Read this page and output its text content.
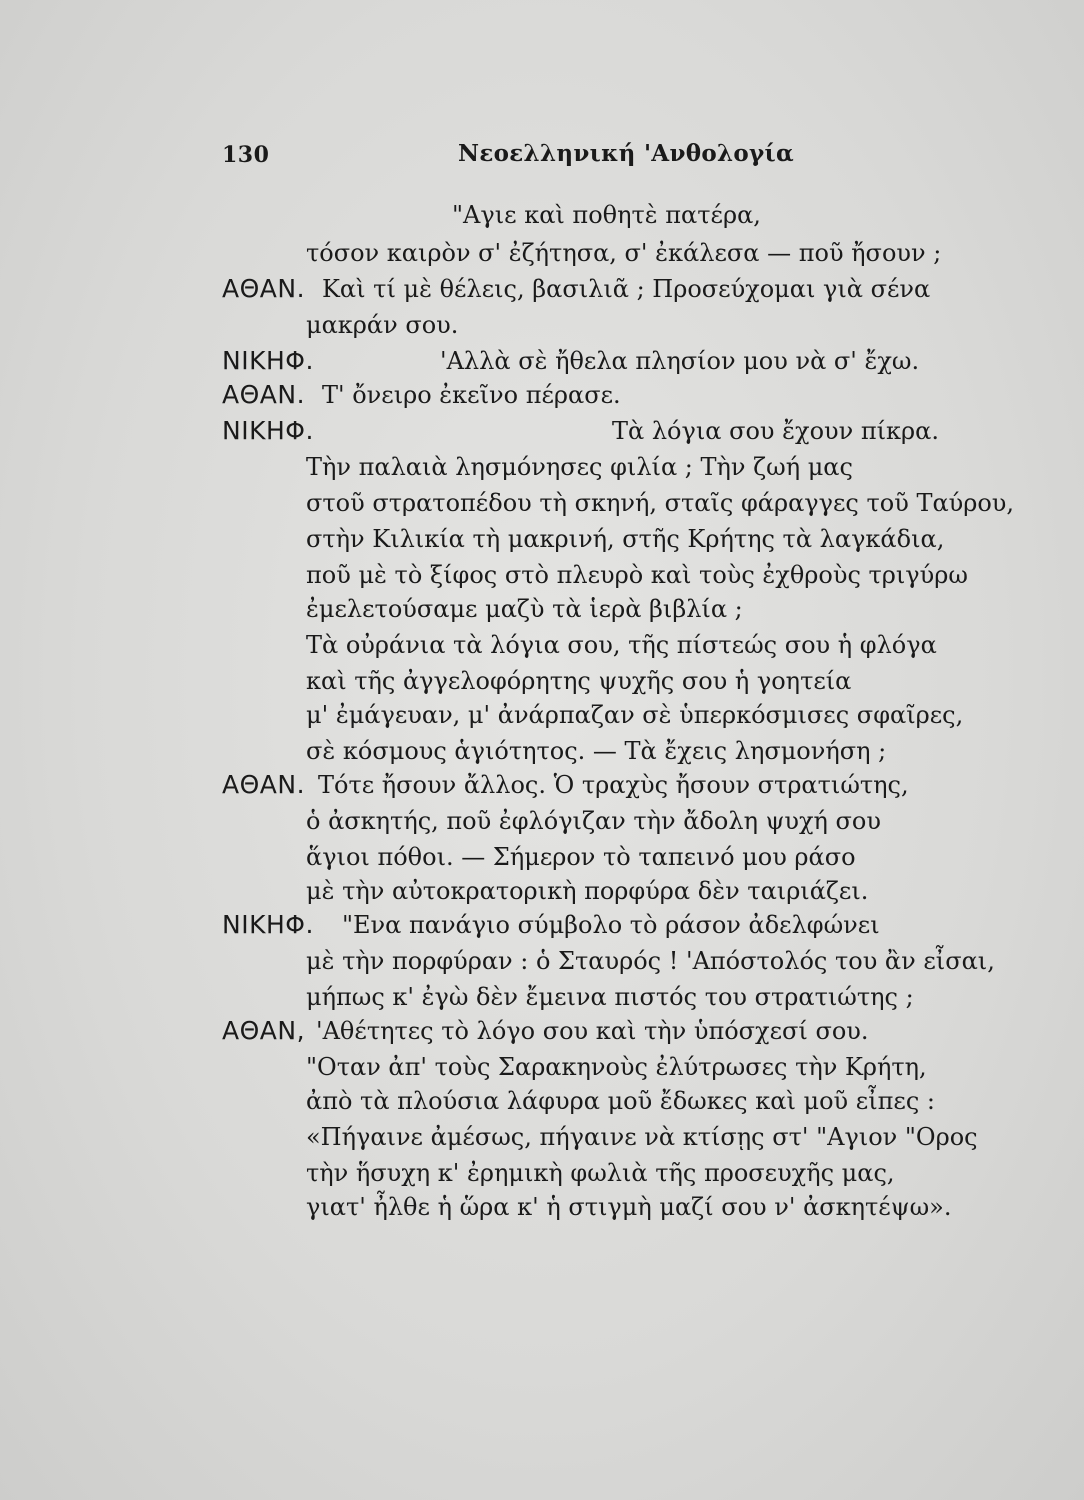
130	Νεοελληνική 'Ανθολογία
"Αγιε καὶ ποθητὲ πατέρα,
τόσον καιρὸν σ' ἐζήτησα, σ' ἐκάλεσα — ποῦ ἤσουν ;
ΑΘΑΝ. Καὶ τί μὲ θέλεις, βασιλιᾶ ; Προσεύχομαι γιὰ σένα
μακράν σου.
ΝΙΚΗΦ.	'Αλλὰ σὲ ἤθελα πλησίον μου νὰ σ' ἔχω.
ΑΘΑΝ. Τ' ὄνειρο ἐκεῖνο πέρασε.
ΝΙΚΗΦ.	Τὰ λόγια σου ἔχουν πίκρα.
Τὴν παλαιὰ λησμόνησες φιλία ; Τὴν ζωή μας
στοῦ στρατοπέδου τὴ σκηνή, σταῖς φάραγγες τοῦ Ταύρου,
στὴν Κιλικία τὴ μακρινή, στῆς Κρήτης τὰ λαγκάδια,
ποῦ μὲ τὸ ξίφος στὸ πλευρὸ καὶ τοὺς ἐχθροὺς τριγύρω
ἐμελετούσαμε μαζὺ τὰ ἱερὰ βιβλία ;
Τὰ οὐράνια τὰ λόγια σου, τῆς πίστεώς σου ἡ φλόγα
καὶ τῆς ἀγγελοφόρητης ψυχῆς σου ἡ γοητεία
μ' ἐμάγευαν, μ' ἀνάρπαζαν σὲ ὑπερκόσμισες σφαῖρες,
σὲ κόσμους ἁγιότητος. — Τὰ ἔχεις λησμονήση ;
ΑΘΑΝ. Τότε ἤσουν ἄλλος. Ὁ τραχὺς ἤσουν στρατιώτης,
ὁ ἀσκητής, ποῦ ἐφλόγιζαν τὴν ἄδολη ψυχή σου
ἅγιοι πόθοι. — Σήμερον τὸ ταπεινό μου ράσο
μὲ τὴν αὐτοκρατορικὴ πορφύρα δὲν ταιριάζει.
ΝΙΚΗΦ. "Ενα πανάγιο σύμβολο τὸ ράσον ἀδελφώνει
μὲ τὴν πορφύραν : ὁ Σταυρός ! 'Απόστολός του ἂν εἶσαι,
μήπως κ' ἐγὼ δὲν ἔμεινα πιστός του στρατιώτης ;
ΑΘΑΝ, 'Αθέτητες τὸ λόγο σου καὶ τὴν ὑπόσχεσί σου.
"Οταν ἀπ' τοὺς Σαρακηνοὺς ἐλύτρωσες τὴν Κρήτη,
ἀπὸ τὰ πλούσια λάφυρα μοῦ ἔδωκες καὶ μοῦ εἶπες :
«Πήγαινε ἀμέσως, πήγαινε νὰ κτίσῃς στ' "Αγιον "Ορος
τὴν ἥσυχη κ' ἐρημικὴ φωλιὰ τῆς προσευχῆς μας,
γιατ' ἦλθε ἡ ὥρα κ' ἡ στιγμὴ μαζί σου ν' ἀσκητέψω».
